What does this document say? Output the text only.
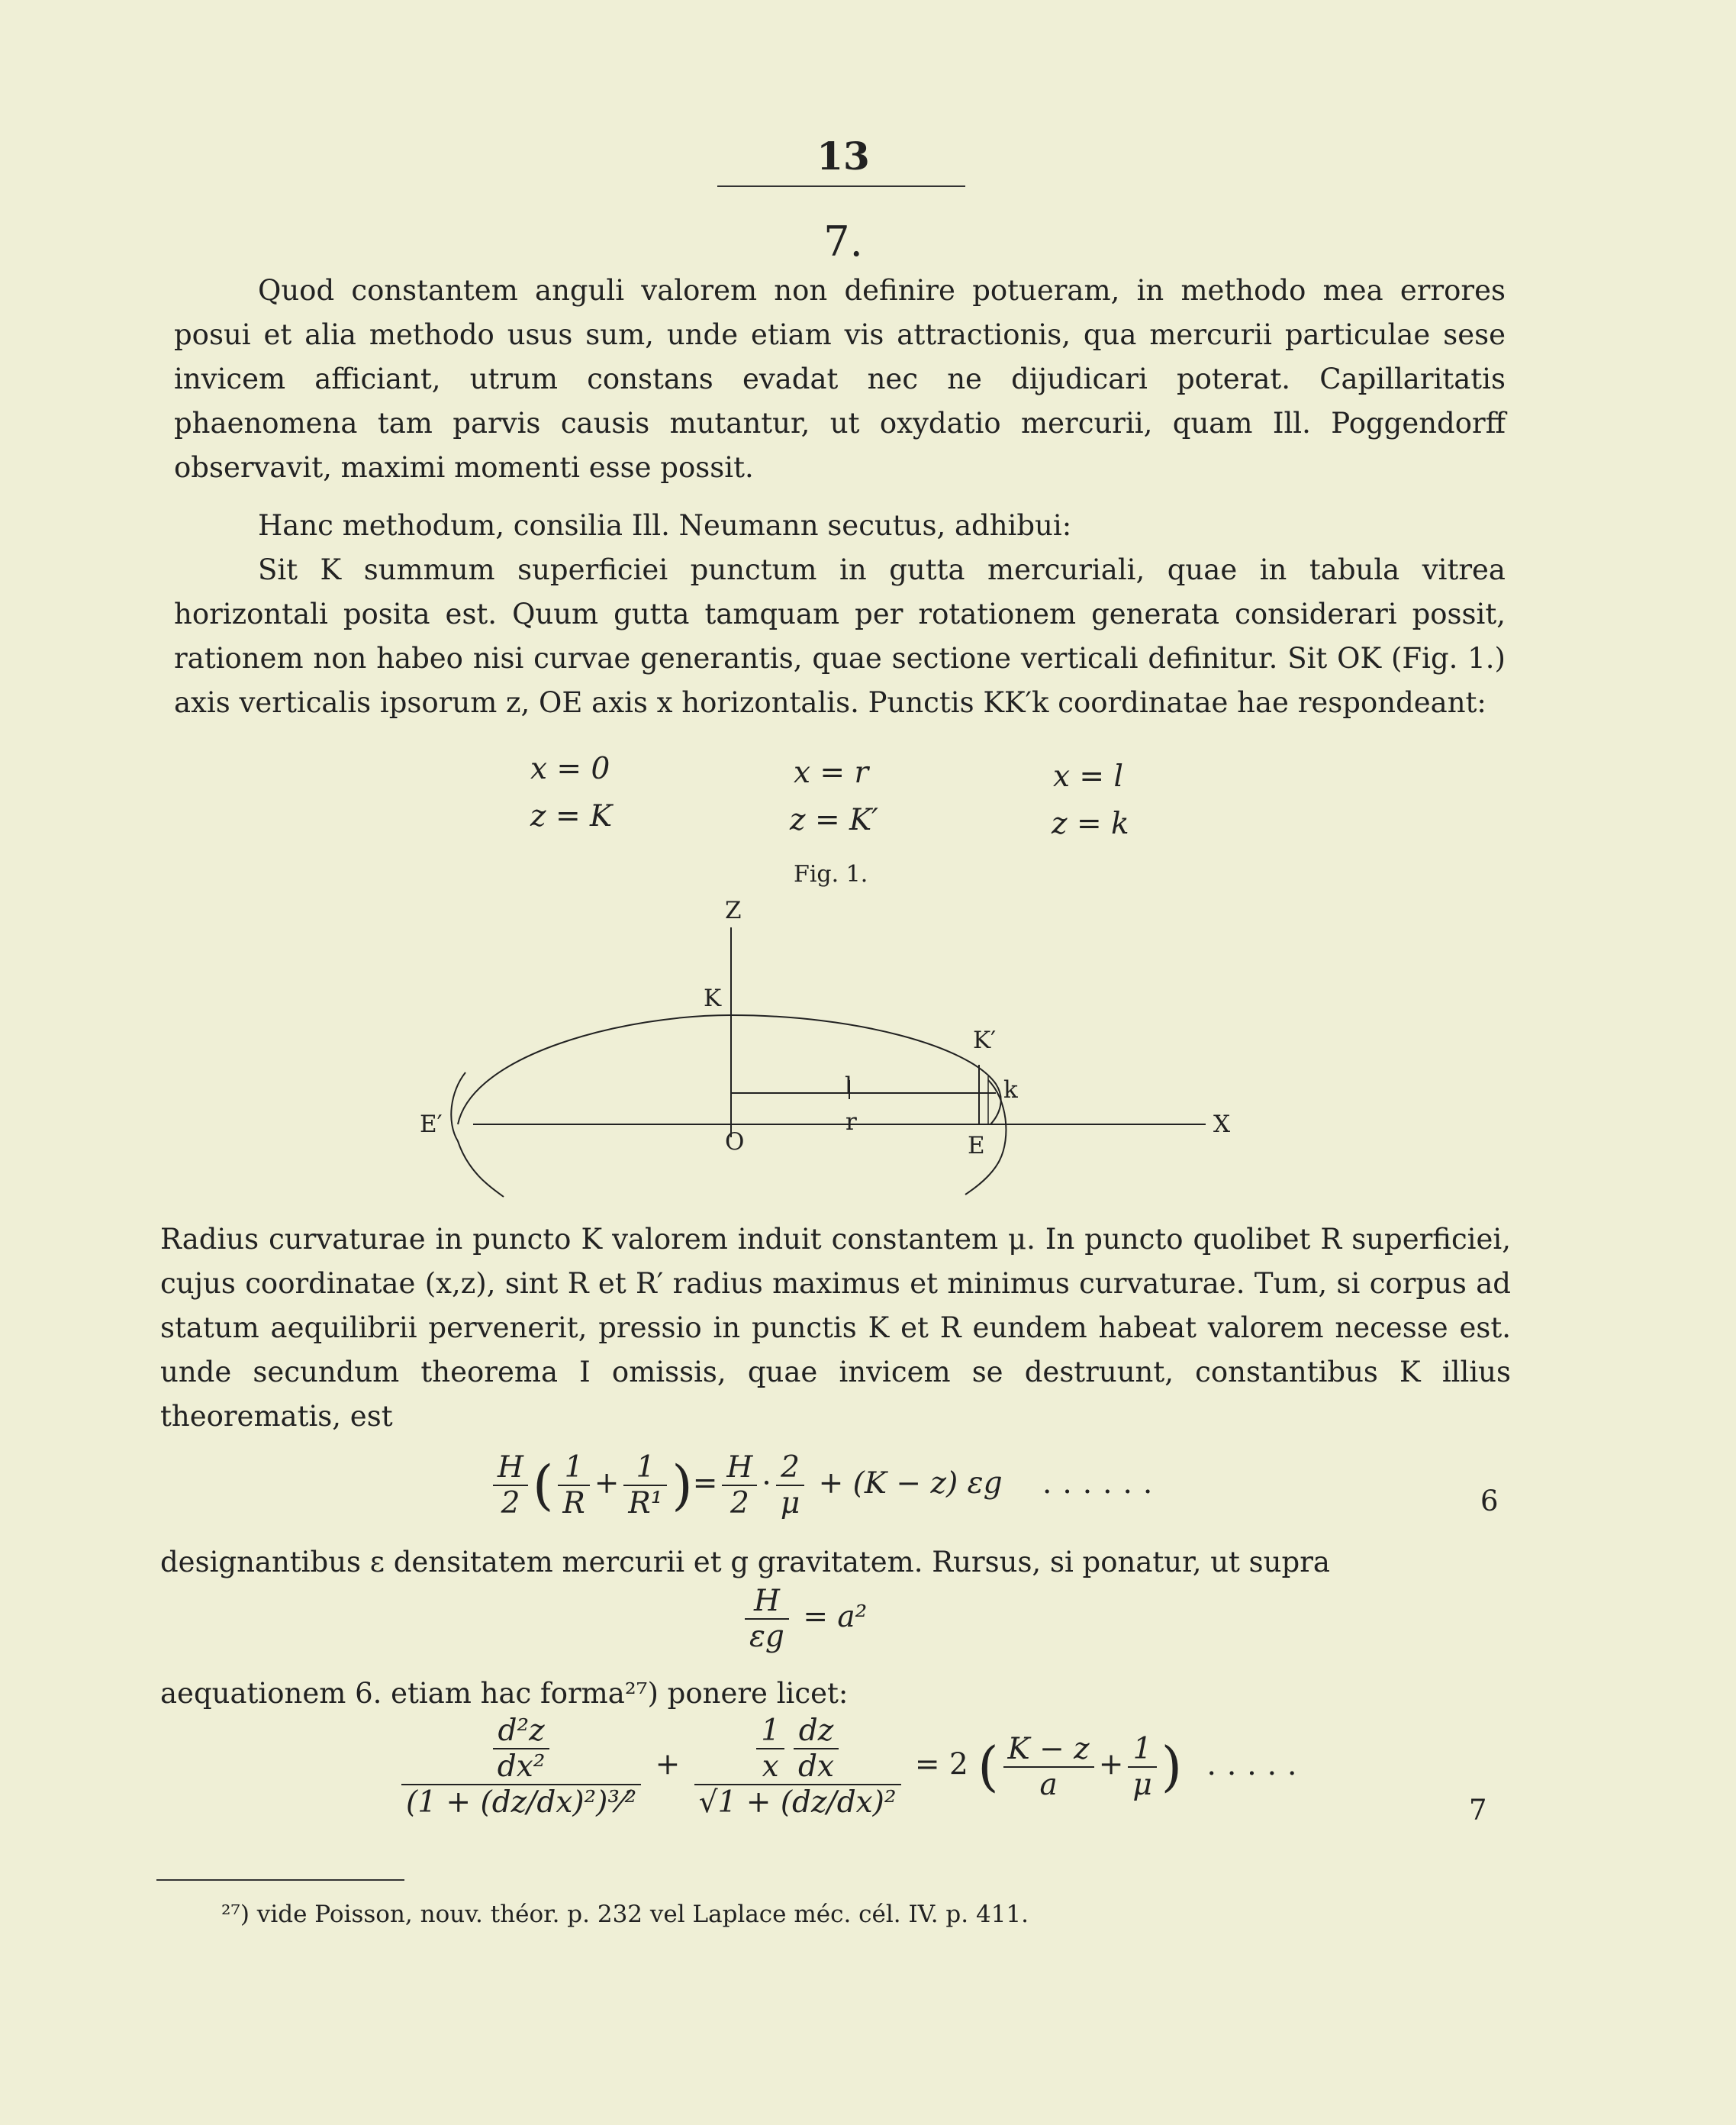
13
7.

Quod constantem anguli valorem non definire potueram, in methodo mea errores posui et alia methodo usus sum, unde etiam vis attractionis, qua mercurii particulae sese invicem afficiant, utrum constans evadat nec ne dijudicari poterat. Capillaritatis phaenomena tam parvis causis mutantur, ut oxydatio mercurii, quam Ill. Poggendorff observavit, maximi momenti esse possit.

Hanc methodum, consilia Ill. Neumann secutus, adhibui:

Sit K summum superficiei punctum in gutta mercuriali, quae in tabula vitrea horizontali posita est. Quum gutta tamquam per rotationem generata considerari possit, rationem non habeo nisi curvae generantis, quae sectione verticali definitur. Sit OK (Fig. 1.) axis verticalis ipsorum z, OE axis x horizontalis. Punctis KK′k coordinatae hae respondeant:

x = 0
z = K
x = r
z = K′
x = l
z = k
Fig. 1.
Z
K
K′
k
E′
O
r
E
X
l

Radius curvaturae in puncto K valorem induit constantem μ. In puncto quolibet R superficiei, cujus coordinatae (x,z), sint R et R′ radius maximus et minimus curvaturae. Tum, si corpus ad statum aequilibrii pervenerit, pressio in punctis K et R eundem habeat valorem necesse est. unde secundum theorema I omissis, quae invicem se destruunt, constantibus K illius theorematis, est

$\frac{H}{2}$ ( $\frac{1}{R} + \frac{1}{\text{R¹}}$ )= $\frac{H}{2} \cdot \frac{2}{\mu} + (K - z)$ εg ......
6

designantibus ε densitatem mercurii et g gravitatem. Rursus, si ponatur, ut supra

$\frac{H}{\varepsilon g} = a^2$

aequationem 6. etiam hac forma²⁷) ponere licet:

$\frac{\frac{\text{d²z}}{\text{dx²}}}{\text{(1 + (dz/dx)²)³⁄²}} + \frac{\frac{1}{x} \frac{dz}{dx}}{\text{√1 + (dz/dx)²}} = 2$ ( $\frac{K - z}{a} + \frac{1}{\mu}$ ) .....
7
²⁷) vide Poisson, nouv. théor. p. 232 vel Laplace méc. cél. IV. p. 411.
